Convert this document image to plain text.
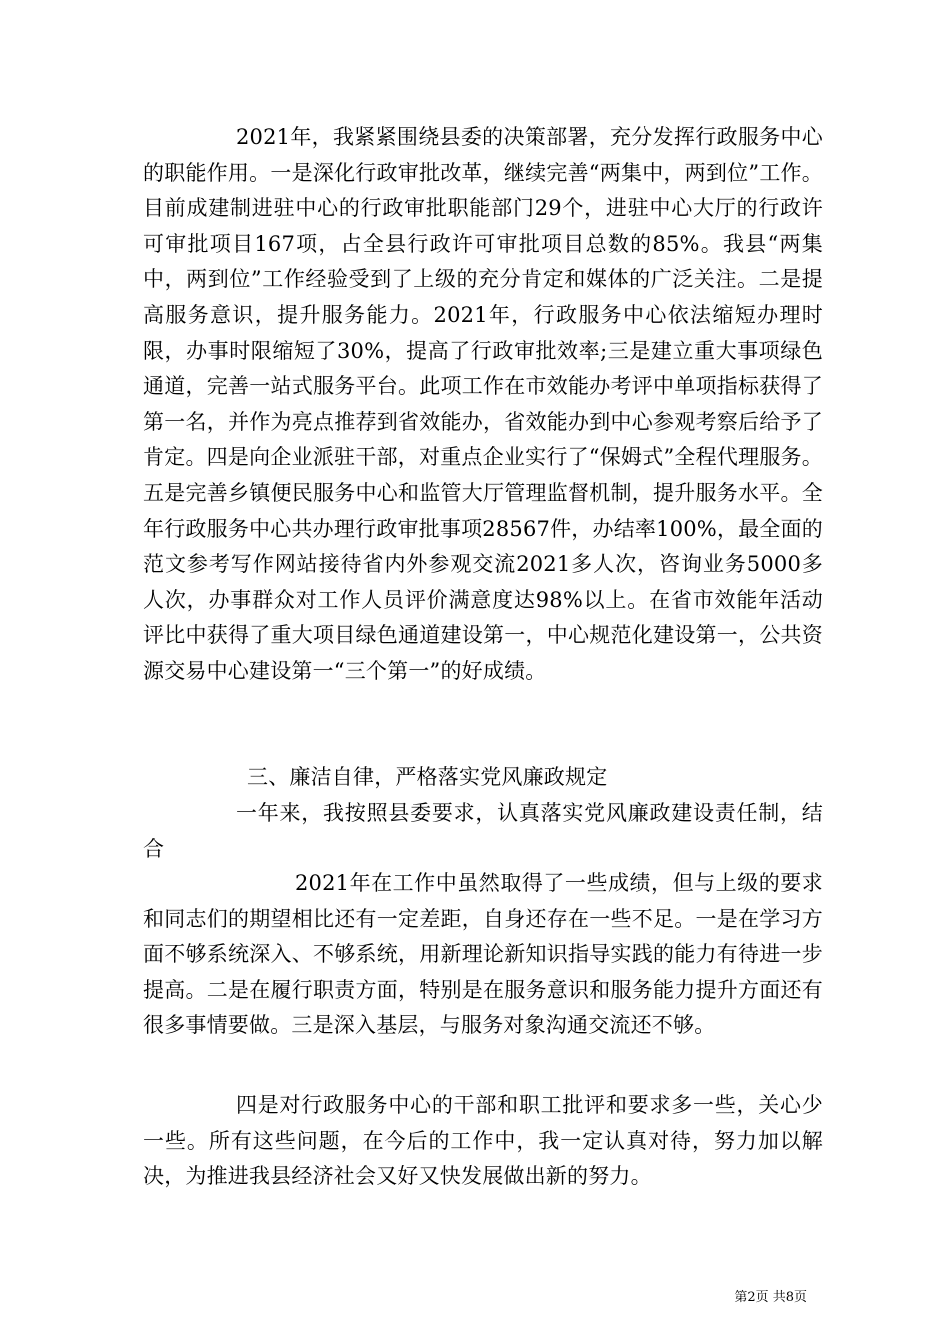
2021年，我紧紧围绕县委的决策部署，充分发挥行政服务中心的职能作用。一是深化行政审批改革，继续完善“两集中，两到位”工作。目前成建制进驻中心的行政审批职能部门29个，进驻中心大厅的行政许可审批项目167项，占全县行政许可审批项目总数的85%。我县“两集中，两到位”工作经验受到了上级的充分肯定和媒体的广泛关注。二是提高服务意识，提升服务能力。2021年，行政服务中心依法缩短办理时限，办事时限缩短了30%，提高了行政审批效率;三是建立重大事项绿色通道，完善一站式服务平台。此项工作在市效能办考评中单项指标获得了第一名，并作为亮点推荐到省效能办，省效能办到中心参观考察后给予了肯定。四是向企业派驻干部，对重点企业实行了“保姆式”全程代理服务。五是完善乡镇便民服务中心和监管大厅管理监督机制，提升服务水平。全年行政服务中心共办理行政审批事项28567件，办结率100%，最全面的范文参考写作网站接待省内外参观交流2021多人次，咨询业务5000多人次，办事群众对工作人员评价满意度达98%以上。在省市效能年活动评比中获得了重大项目绿色通道建设第一，中心规范化建设第一，公共资源交易中心建设第一“三个第一”的好成绩。
三、廉洁自律，严格落实党风廉政规定
一年来，我按照县委要求，认真落实党风廉政建设责任制，结合
2021年在工作中虽然取得了一些成绩，但与上级的要求和同志们的期望相比还有一定差距，自身还存在一些不足。一是在学习方面不够系统深入、不够系统，用新理论新知识指导实践的能力有待进一步提高。二是在履行职责方面，特别是在服务意识和服务能力提升方面还有很多事情要做。三是深入基层，与服务对象沟通交流还不够。
四是对行政服务中心的干部和职工批评和要求多一些，关心少一些。所有这些问题，在今后的工作中，我一定认真对待，努力加以解决，为推进我县经济社会又好又快发展做出新的努力。
第2页 共8页
